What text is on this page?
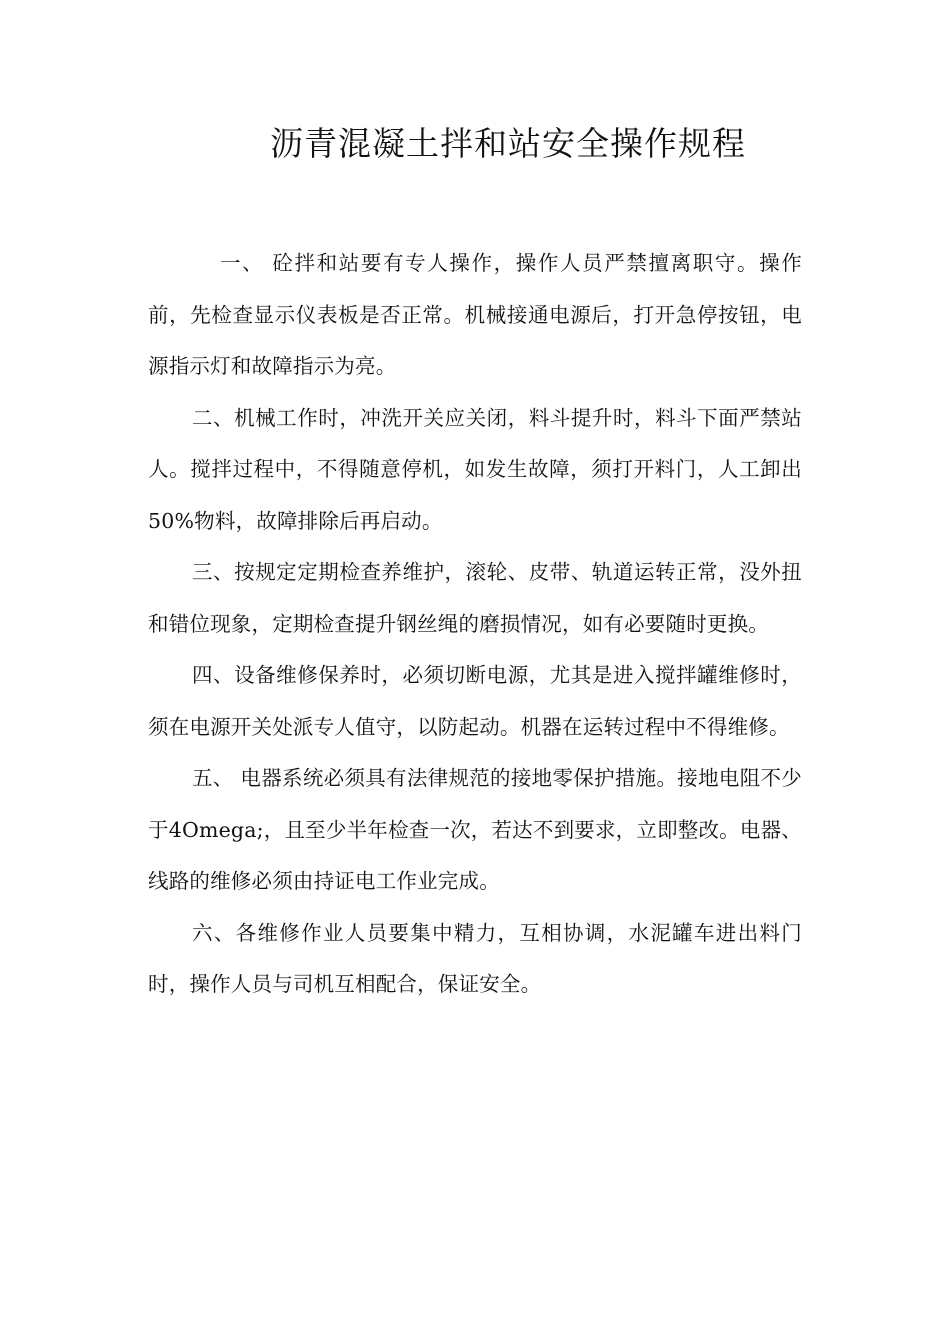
沥青混凝土拌和站安全操作规程

一、 砼拌和站要有专人操作，操作人员严禁擅离职守。操作前，先检查显示仪表板是否正常。机械接通电源后，打开急停按钮，电源指示灯和故障指示为亮。

二、机械工作时，冲洗开关应关闭，料斗提升时，料斗下面严禁站人。搅拌过程中，不得随意停机，如发生故障，须打开料门，人工卸出50%物料，故障排除后再启动。

三、按规定定期检查养维护，滚轮、皮带、轨道运转正常，没外扭和错位现象，定期检查提升钢丝绳的磨损情况，如有必要随时更换。

四、设备维修保养时，必须切断电源，尤其是进入搅拌罐维修时，须在电源开关处派专人值守，以防起动。机器在运转过程中不得维修。

五、 电器系统必须具有法律规范的接地零保护措施。接地电阻不少于4Omega;，且至少半年检查一次，若达不到要求，立即整改。电器、线路的维修必须由持证电工作业完成。

六、各维修作业人员要集中精力，互相协调，水泥罐车进出料门时，操作人员与司机互相配合，保证安全。
